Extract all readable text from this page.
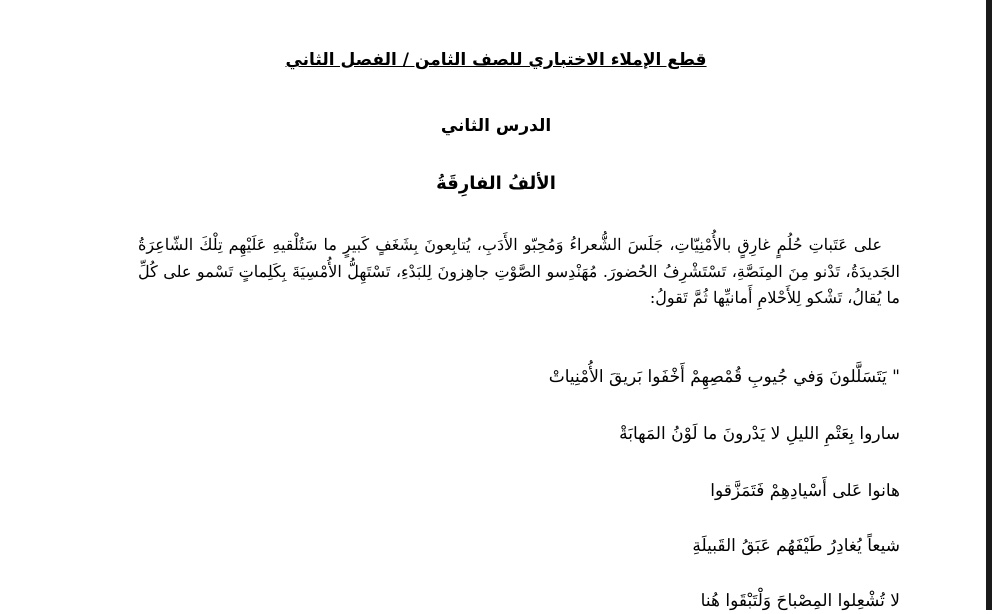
قطع الإملاء الاختباري للصف الثامن / الفصل الثاني
الدرس الثاني
الألفُ الفارِقَةُ
على عَتَباتِ حُلُمٍ غارِقٍ بالأُمْنِيّاتِ، جَلَسَ الشُّعراءُ وَمُحِبّو الأَدَبِ، يُتابِعونَ بِشَغَفٍ كَبيرٍ ما سَتُلْقيهِ عَلَيْهِم تِلْكَ الشّاعِرَةُ الجَديدَةُ، تَدْنو مِنَ المِنَصَّةِ، تَسْتَشْرِفُ الحُضورَ. مُهَنْدِسو الصَّوْتِ جاهِزونَ لِلبَدْءِ، تَسْتَهِلُّ الأُمْسِيَةَ بِكَلِماتٍ تَسْمو على كُلِّ ما يُقالُ، تَشْكو لِلأَحْلامِ أَمانيِّها ثُمَّ تَقولُ:
" يَتَسَلَّلونَ وَفي جُيوبِ قُمْصِهِمْ أَخْفَوا بَريقَ الأُمْنِياتْ
ساروا بِعَتْمِ الليلِ لا يَدْرونَ ما لَوْنُ المَهابَةْ
هانوا عَلى أَسْيادِهِمْ فَتَمَزَّقوا
شيعاً يُغادِرُ طَيْفَهُم عَبَقُ القَبيلَةِ
لا تُشْعِلوا المِصْباحَ وَلْتَبْقَوا هُنا
